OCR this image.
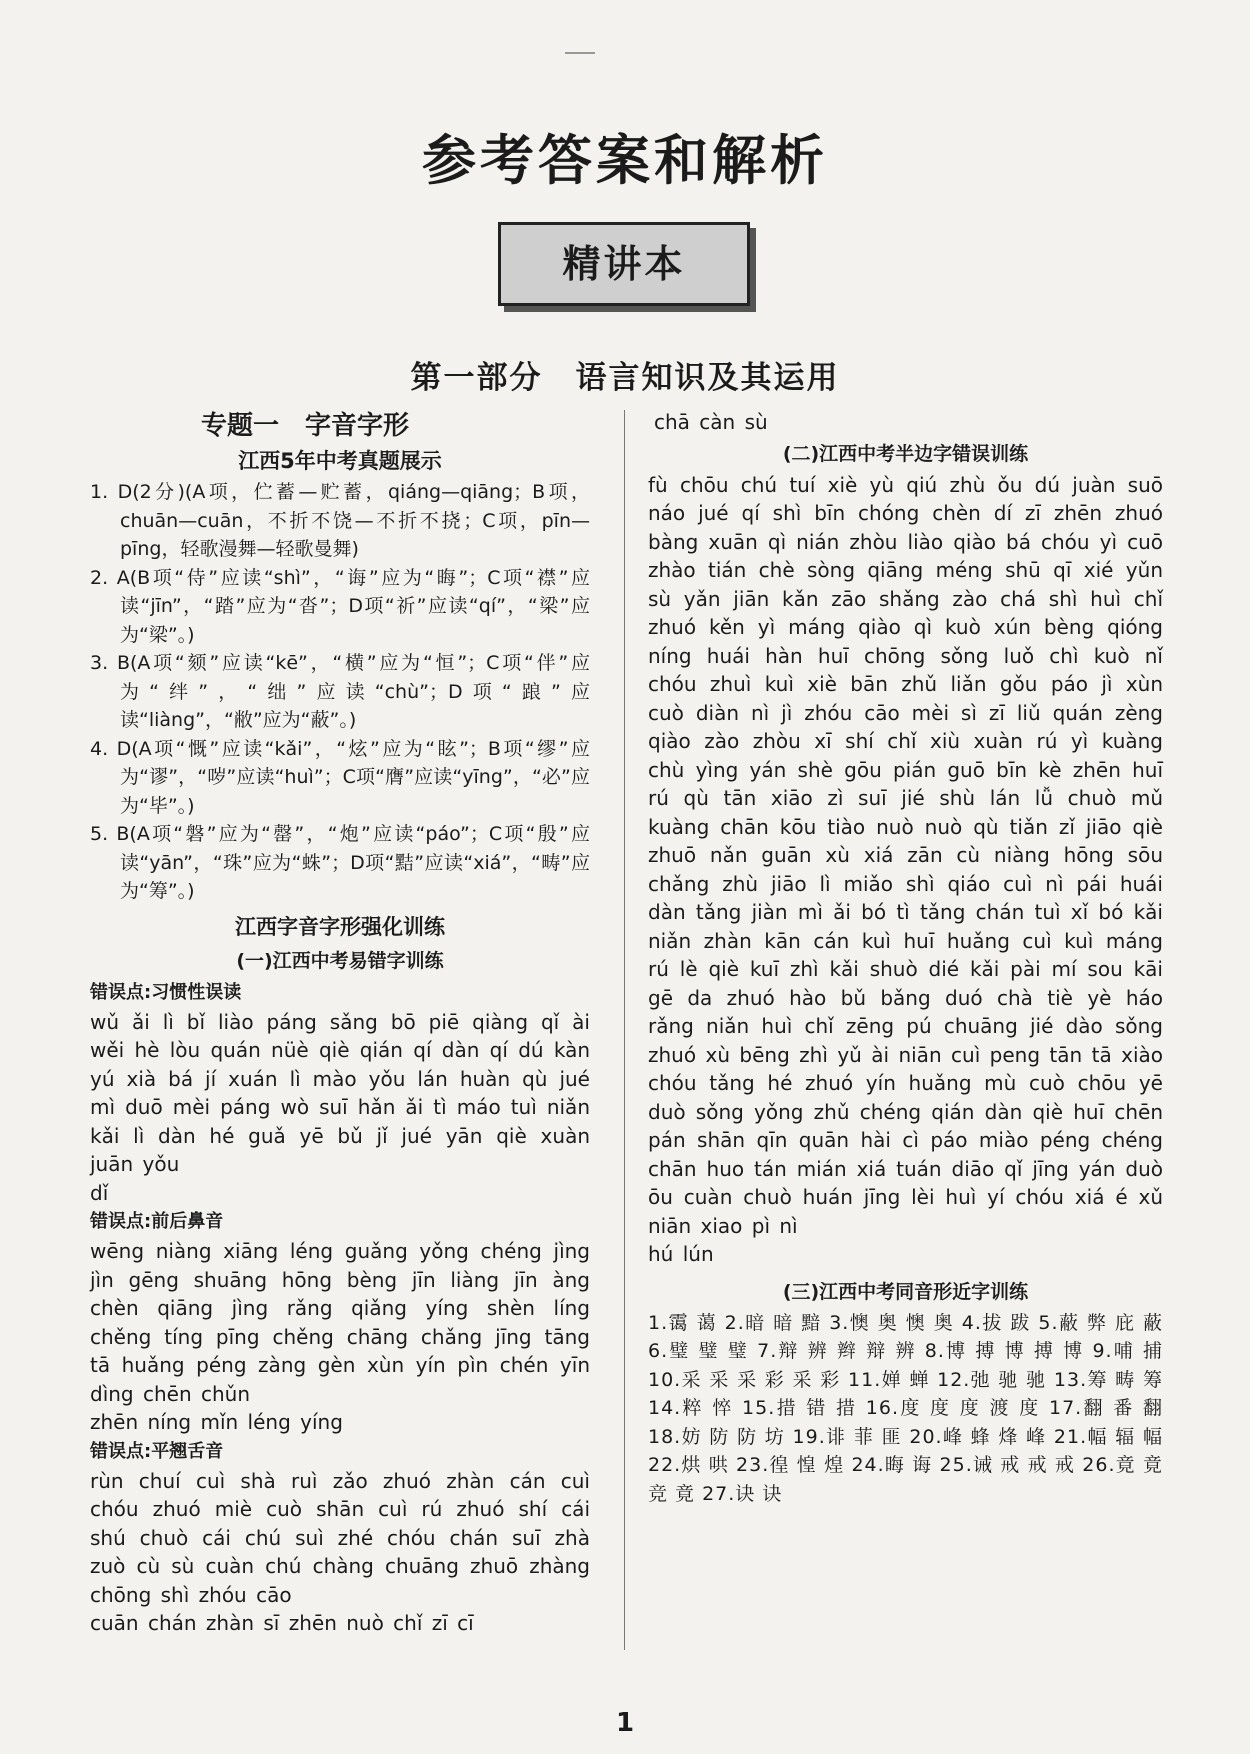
参考答案和解析
精讲本
第一部分　语言知识及其运用
专题一　字音字形
江西5年中考真题展示
1. D(2分)(A项，伫蓄—贮蓄，qiáng—qiāng；B项，chuān—cuān，不折不饶—不折不挠；C项，pīn—pīng，轻歌漫舞—轻歌曼舞)
2. A(B项“侍”应读“shì”，“诲”应为“晦”；C项“襟”应读“jīn”，“踏”应为“沓”；D项“祈”应读“qí”，“梁”应为“梁”。)
3. B(A项“颏”应读“kē”，“横”应为“恒”；C项“伴”应为“绊”，“绌”应读“chù”；D项“踉”应读“liàng”，“敝”应为“蔽”。)
4. D(A项“慨”应读“kǎi”，“炫”应为“眩”；B项“缪”应为“谬”，“哕”应读“huì”；C项“膺”应读“yīng”，“必”应为“毕”。)
5. B(A项“磐”应为“罄”，“炮”应读“páo”；C项“殷”应读“yān”，“珠”应为“蛛”；D项“黠”应读“xiá”，“畴”应为“筹”。)
江西字音字形强化训练
(一)江西中考易错字训练
错误点:习惯性误读
wǔ ǎi lì bǐ liào páng sǎng bō piē qiàng qǐ ài wěi hè lòu quán nüè qiè qián qí dàn qí dú kàn yú xià bá jí xuán lì mào yǒu lán huàn qù jué mì duō mèi páng wò suī hǎn ǎi tì máo tuì niǎn kǎi lì dàn hé guǎ yē bǔ jǐ jué yān qiè xuàn juān yǒu
dǐ
错误点:前后鼻音
wēng niàng xiāng léng guǎng yǒng chéng jìng jìn gēng shuāng hōng bèng jīn liàng jīn àng chèn qiāng jìng rǎng qiǎng yíng shèn líng chěng tíng pīng chěng chāng chǎng jīng tāng tā huǎng péng zàng gèn xùn yín pìn chén yīn dìng chēn chǔn
zhēn níng mǐn léng yíng
错误点:平翘舌音
rùn chuí cuì shà ruì zǎo zhuó zhàn cán cuì chóu zhuó miè cuò shān cuì rú zhuó shí cái shú chuò cái chú suì zhé chóu chán suī zhà zuò cù sù cuàn chú chàng chuāng zhuō zhàng chōng shì zhóu cāo
cuān chán zhàn sī zhēn nuò chǐ zī cī
chā càn sù
(二)江西中考半边字错误训练
fù chōu chú tuí xiè yù qiú zhù ǒu dú juàn suō náo jué qí shì bīn chóng chèn dí zī zhēn zhuó bàng xuān qì nián zhòu liào qiào bá chóu yì cuō zhào tián chè sòng qiāng méng shū qī xié yǔn sù yǎn jiān kǎn zāo shǎng zào chá shì huì chǐ zhuó kěn yì máng qiào qì kuò xún bèng qióng níng huái hàn huī chōng sǒng luǒ chì kuò nǐ chóu zhuì kuì xiè bān zhǔ liǎn gǒu páo jì xùn cuò diàn nì jì zhóu cāo mèi sì zī liǔ quán zèng qiào zào zhòu xī shí chǐ xiù xuàn rú yì kuàng chù yìng yán shè gōu pián guō bīn kè zhēn huī rú qù tān xiāo zì suī jié shù lán lǚ chuò mǔ kuàng chān kōu tiào nuò nuò qù tiǎn zǐ jiāo qiè zhuō nǎn guān xù xiá zān cù niàng hōng sōu chǎng zhù jiāo lì miǎo shì qiáo cuì nì pái huái dàn tǎng jiàn mì ǎi bó tì tǎng chán tuì xǐ bó kǎi niǎn zhàn kān cán kuì huī huǎng cuì kuì máng rú lè qiè kuī zhì kǎi shuò dié kǎi pài mí sou kāi gē da zhuó hào bǔ bǎng duó chà tiè yè háo rǎng niǎn huì chǐ zēng pú chuāng jié dào sǒng zhuó xù bēng zhì yǔ ài niān cuì peng tān tā xiào chóu tǎng hé zhuó yín huǎng mù cuò chōu yē duò sǒng yǒng zhǔ chéng qián dàn qiè huī chēn pán shān qīn quān hài cì páo miào péng chéng chān huo tán mián xiá tuán diāo qǐ jīng yán duò ōu cuàn chuò huán jīng lèi huì yí chóu xiá é xǔ niān xiao pì nì
hú lún
(三)江西中考同音形近字训练
1.霭 蔼 2.暗 暗 黯 3.懊 奥 懊 奥 4.拔 跋 5.蔽 弊 庇 蔽 6.璧 璧 璧 7.辩 辨 辫 辩 辨 8.博 搏 博 搏 博 9.哺 捕 10.采 采 采 彩 采 彩 11.婵 蝉 12.弛 驰 驰 13.筹 畴 筹 14.粹 悴 15.措 错 措 16.度 度 度 渡 度 17.翻 番 翻 18.妨 防 防 坊 19.诽 菲 匪 20.峰 蜂 烽 峰 21.幅 辐 幅 22.烘 哄 23.徨 惶 煌 24.晦 诲 25.诫 戒 戒 戒 26.竟 竟 竞 竟 27.诀 诀
1
